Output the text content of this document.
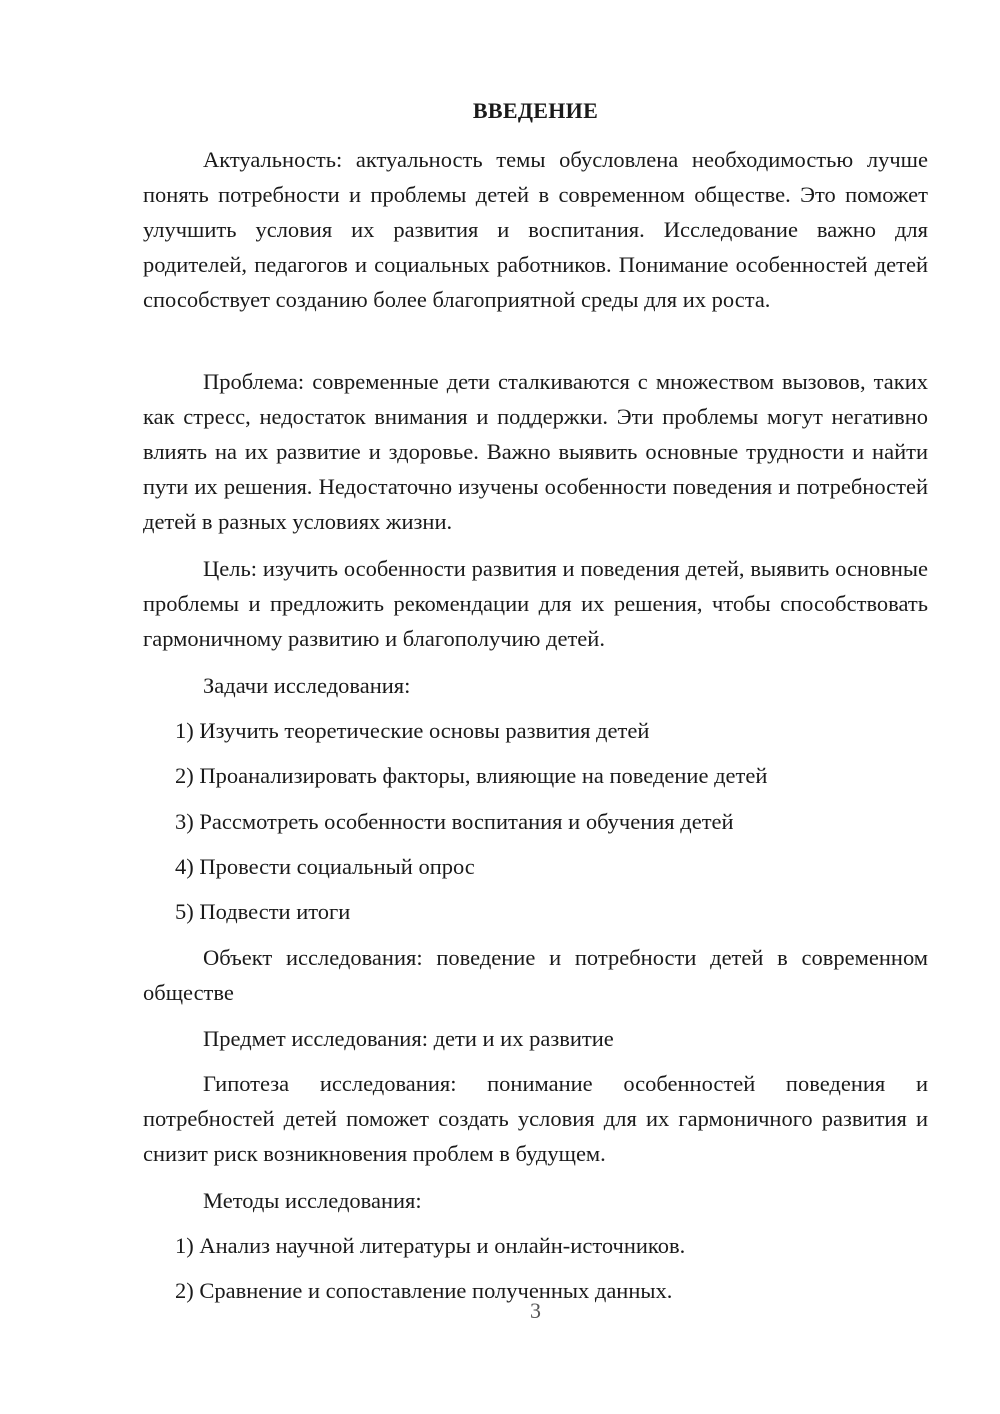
ВВЕДЕНИЕ

Актуальность: актуальность темы обусловлена необходимостью лучше понять потребности и проблемы детей в современном обществе. Это поможет улучшить условия их развития и воспитания. Исследование важно для родителей, педагогов и социальных работников. Понимание особенностей детей способствует созданию более благоприятной среды для их роста.

Проблема: современные дети сталкиваются с множеством вызовов, таких как стресс, недостаток внимания и поддержки. Эти проблемы могут негативно влиять на их развитие и здоровье. Важно выявить основные трудности и найти пути их решения. Недостаточно изучены особенности поведения и потребностей детей в разных условиях жизни.

Цель: изучить особенности развития и поведения детей, выявить основные проблемы и предложить рекомендации для их решения, чтобы способствовать гармоничному развитию и благополучию детей.

Задачи исследования:

1) Изучить теоретические основы развития детей
2) Проанализировать факторы, влияющие на поведение детей
3) Рассмотреть особенности воспитания и обучения детей
4) Провести социальный опрос
5) Подвести итоги

Объект исследования: поведение и потребности детей в современном обществе

Предмет исследования: дети и их развитие

Гипотеза исследования: понимание особенностей поведения и потребностей детей поможет создать условия для их гармоничного развития и снизит риск возникновения проблем в будущем.

Методы исследования:

1) Анализ научной литературы и онлайн-источников.
2) Сравнение и сопоставление полученных данных.
3
